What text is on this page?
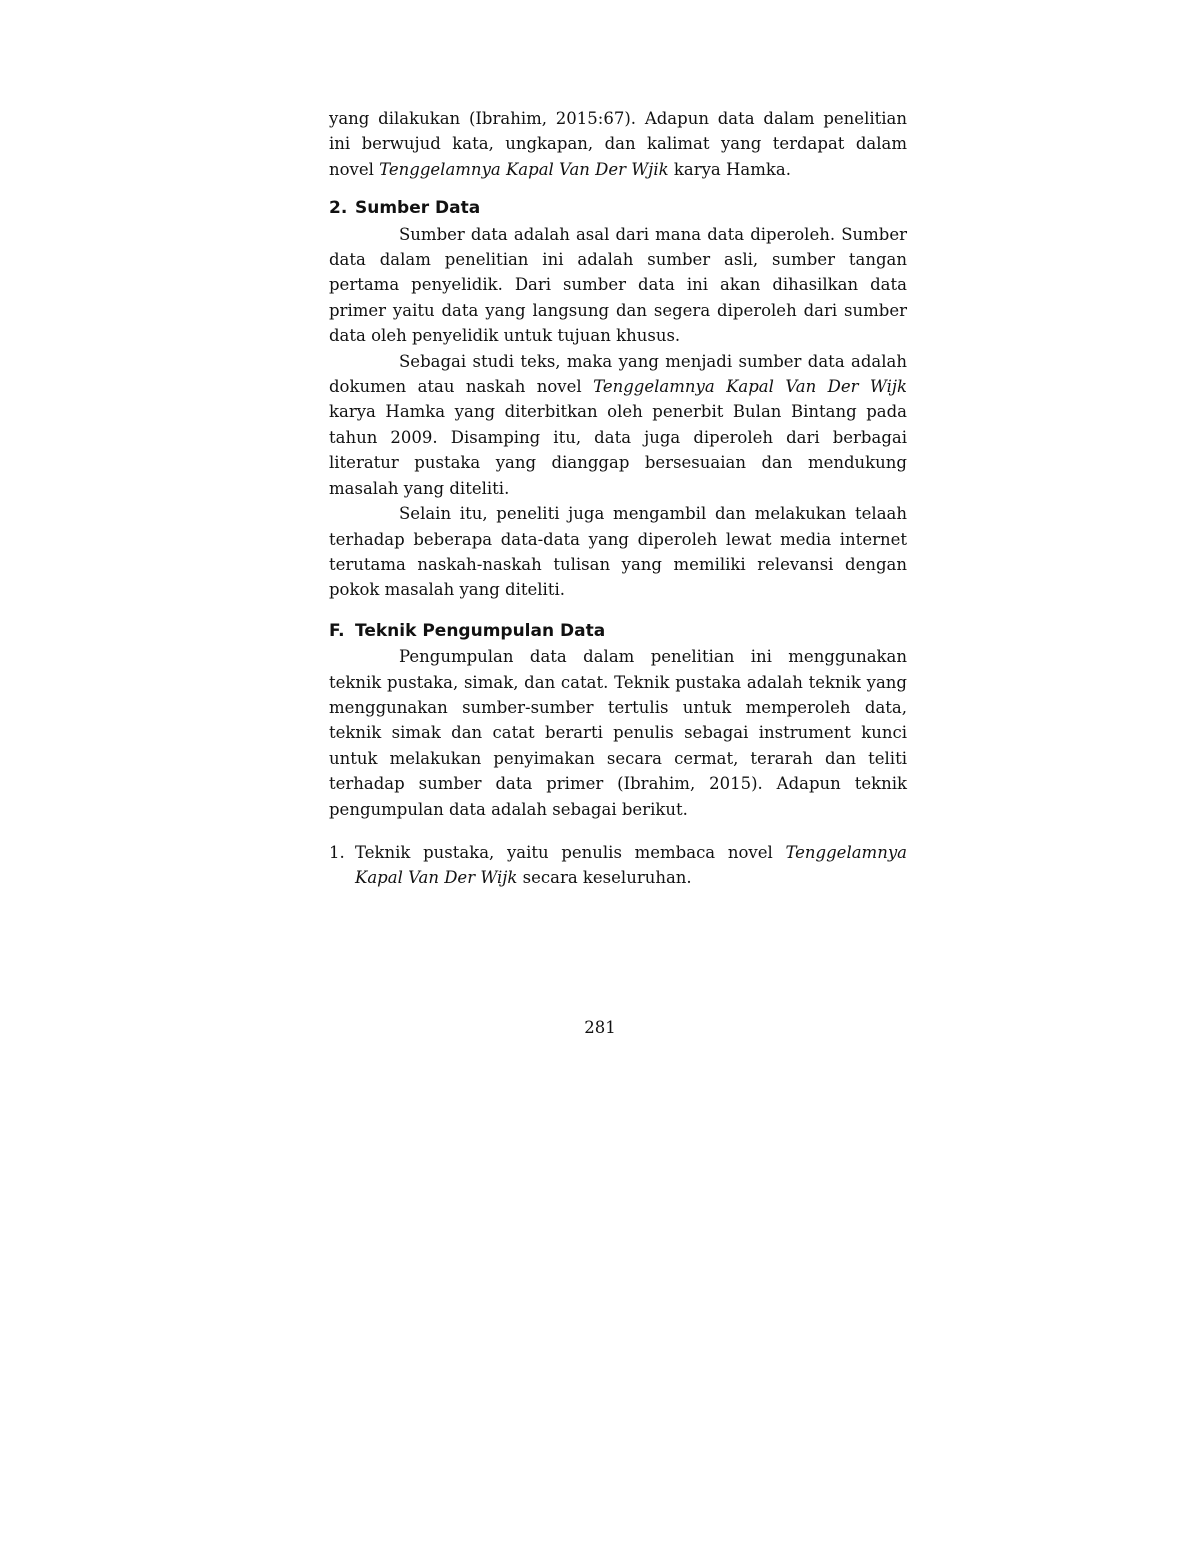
yang dilakukan (Ibrahim, 2015:67). Adapun data dalam penelitian ini berwujud kata, ungkapan, dan kalimat yang terdapat dalam novel Tenggelamnya Kapal Van Der Wjik karya Hamka.

2. Sumber Data

Sumber data adalah asal dari mana data diperoleh. Sumber data dalam penelitian ini adalah sumber asli, sumber tangan pertama penyelidik. Dari sumber data ini akan dihasilkan data primer yaitu data yang langsung dan segera diperoleh dari sumber data oleh penyelidik untuk tujuan khusus.

Sebagai studi teks, maka yang menjadi sumber data adalah dokumen atau naskah novel Tenggelamnya Kapal Van Der Wijk karya Hamka yang diterbitkan oleh penerbit Bulan Bintang pada tahun 2009. Disamping itu, data juga diperoleh dari berbagai literatur pustaka yang dianggap bersesuaian dan mendukung masalah yang diteliti.

Selain itu, peneliti juga mengambil dan melakukan telaah terhadap beberapa data-data yang diperoleh lewat media internet terutama naskah-naskah tulisan yang memiliki relevansi dengan pokok masalah yang diteliti.

F. Teknik Pengumpulan Data

Pengumpulan data dalam penelitian ini menggunakan teknik pustaka, simak, dan catat. Teknik pustaka adalah teknik yang menggunakan sumber-sumber tertulis untuk memperoleh data, teknik simak dan catat berarti penulis sebagai instrument kunci untuk melakukan penyimakan secara cermat, terarah dan teliti terhadap sumber data primer (Ibrahim, 2015). Adapun teknik pengumpulan data adalah sebagai berikut.

1. Teknik pustaka, yaitu penulis membaca novel Tenggelamnya Kapal Van Der Wijk secara keseluruhan.
281
